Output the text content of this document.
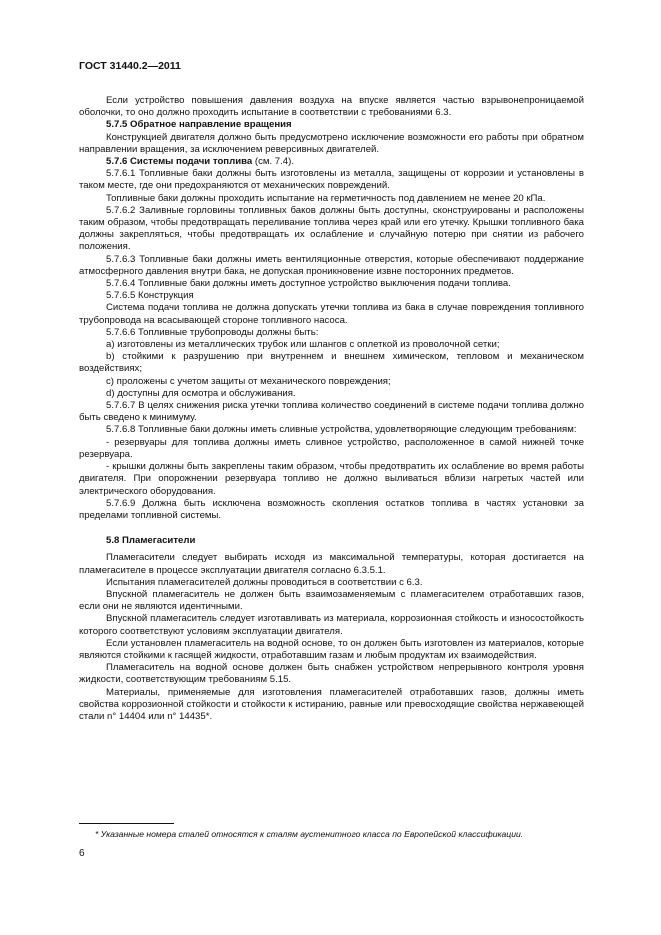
ГОСТ 31440.2—2011

Если устройство повышения давления воздуха на впуске является частью взрывонепроницаемой оболочки, то оно должно проходить испытание в соответствии с требованиями 6.3.

5.7.5 Обратное направление вращения

Конструкцией двигателя должно быть предусмотрено исключение возможности его работы при обратном направлении вращения, за исключением реверсивных двигателей.

5.7.6 Системы подачи топлива (см. 7.4).

5.7.6.1 Топливные баки должны быть изготовлены из металла, защищены от коррозии и установлены в таком месте, где они предохраняются от механических повреждений.

Топливные баки должны проходить испытание на герметичность под давлением не менее 20 кПа.

5.7.6.2 Заливные горловины топливных баков должны быть доступны, сконструированы и расположены таким образом, чтобы предотвращать переливание топлива через край или его утечку. Крышки топливного бака должны закрепляться, чтобы предотвращать их ослабление и случайную потерю при снятии из рабочего положения.

5.7.6.3 Топливные баки должны иметь вентиляционные отверстия, которые обеспечивают поддержание атмосферного давления внутри бака, не допуская проникновение извне посторонних предметов.

5.7.6.4 Топливные баки должны иметь доступное устройство выключения подачи топлива.

5.7.6.5 Конструкция

Система подачи топлива не должна допускать утечки топлива из бака в случае повреждения топливного трубопровода на всасывающей стороне топливного насоса.

5.7.6.6 Топливные трубопроводы должны быть:

а) изготовлены из металлических трубок или шлангов с оплеткой из проволочной сетки;

b) стойкими к разрушению при внутреннем и внешнем химическом, тепловом и механическом воздействиях;

с) проложены с учетом защиты от механического повреждения;

d) доступны для осмотра и обслуживания.

5.7.6.7 В целях снижения риска утечки топлива количество соединений в системе подачи топлива должно быть сведено к минимуму.

5.7.6.8 Топливные баки должны иметь сливные устройства, удовлетворяющие следующим требованиям:

- резервуары для топлива должны иметь сливное устройство, расположенное в самой нижней точке резервуара.

- крышки должны быть закреплены таким образом, чтобы предотвратить их ослабление во время работы двигателя. При опорожнении резервуара топливо не должно выливаться вблизи нагретых частей или электрического оборудования.

5.7.6.9 Должна быть исключена возможность скопления остатков топлива в частях установки за пределами топливной системы.

5.8 Пламегасители

Пламегасители следует выбирать исходя из максимальной температуры, которая достигается на пламегасителе в процессе эксплуатации двигателя согласно 6.3.5.1.

Испытания пламегасителей должны проводиться в соответствии с 6.3.

Впускной пламегаситель не должен быть взаимозаменяемым с пламегасителем отработавших газов, если они не являются идентичными.

Впускной пламегаситель следует изготавливать из материала, коррозионная стойкость и износостойкость которого соответствуют условиям эксплуатации двигателя.

Если установлен пламегаситель на водной основе, то он должен быть изготовлен из материалов, которые являются стойкими к гасящей жидкости, отработавшим газам и любым продуктам их взаимодействия.

Пламегаситель на водной основе должен быть снабжен устройством непрерывного контроля уровня жидкости, соответствующим требованиям 5.15.

Материалы, применяемые для изготовления пламегасителей отработавших газов, должны иметь свойства коррозионной стойкости и стойкости к истиранию, равные или превосходящие свойства нержавеющей стали n° 14404 или n° 14435*.

* Указанные номера сталей относятся к сталям аустенитного класса по Европейской классификации.
6
